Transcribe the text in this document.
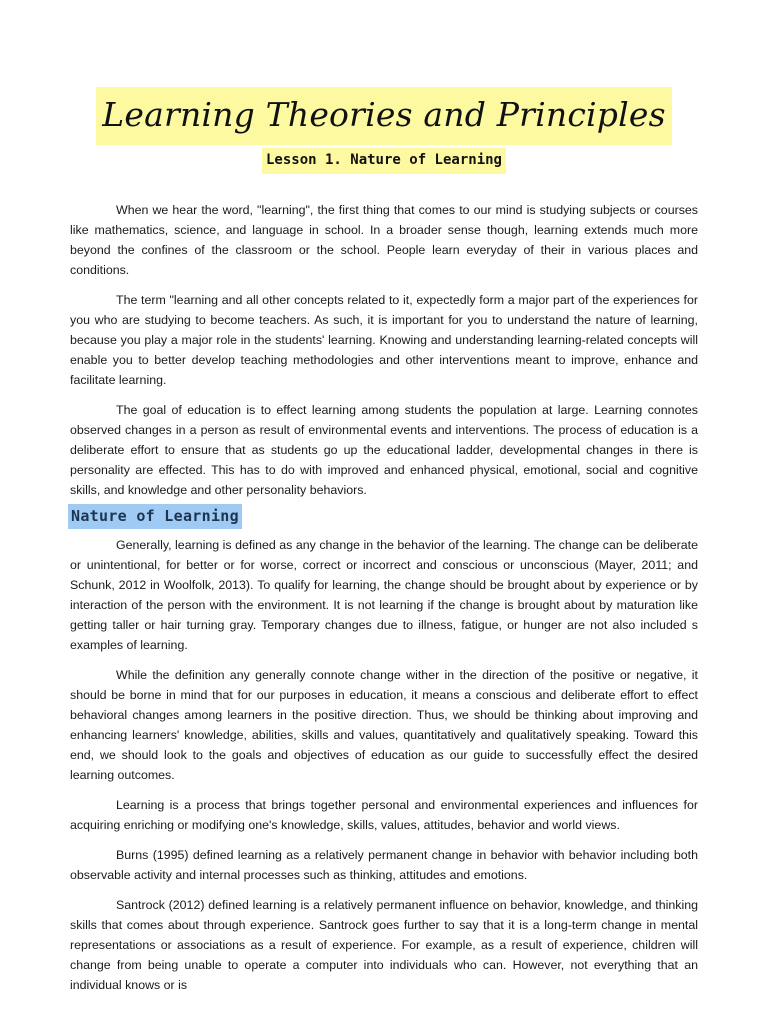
Learning Theories and Principles
Lesson 1. Nature of Learning

When we hear the word, "learning", the first thing that comes to our mind is studying subjects or courses like mathematics, science, and language in school. In a broader sense though, learning extends much more beyond the confines of the classroom or the school. People learn everyday of their in various places and conditions.

The term "learning and all other concepts related to it, expectedly form a major part of the experiences for you who are studying to become teachers. As such, it is important for you to understand the nature of learning, because you play a major role in the students' learning. Knowing and understanding learning-related concepts will enable you to better develop teaching methodologies and other interventions meant to improve, enhance and facilitate learning.

The goal of education is to effect learning among students the population at large. Learning connotes observed changes in a person as result of environmental events and interventions. The process of education is a deliberate effort to ensure that as students go up the educational ladder, developmental changes in there is personality are effected. This has to do with improved and enhanced physical, emotional, social and cognitive skills, and knowledge and other personality behaviors.

Nature of Learning

Generally, learning is defined as any change in the behavior of the learning. The change can be deliberate or unintentional, for better or for worse, correct or incorrect and conscious or unconscious (Mayer, 2011; and Schunk, 2012 in Woolfolk, 2013). To qualify for learning, the change should be brought about by experience or by interaction of the person with the environment. It is not learning if the change is brought about by maturation like getting taller or hair turning gray. Temporary changes due to illness, fatigue, or hunger are not also included s examples of learning.

While the definition any generally connote change wither in the direction of the positive or negative, it should be borne in mind that for our purposes in education, it means a conscious and deliberate effort to effect behavioral changes among learners in the positive direction. Thus, we should be thinking about improving and enhancing learners' knowledge, abilities, skills and values, quantitatively and qualitatively speaking. Toward this end, we should look to the goals and objectives of education as our guide to successfully effect the desired learning outcomes.

Learning is a process that brings together personal and environmental experiences and influences for acquiring enriching or modifying one's knowledge, skills, values, attitudes, behavior and world views.

Burns (1995) defined learning as a relatively permanent change in behavior with behavior including both observable activity and internal processes such as thinking, attitudes and emotions.

Santrock (2012) defined learning is a relatively permanent influence on behavior, knowledge, and thinking skills that comes about through experience. Santrock goes further to say that it is a long-term change in mental representations or associations as a result of experience. For example, as a result of experience, children will change from being unable to operate a computer into individuals who can. However, not everything that an individual knows or is
